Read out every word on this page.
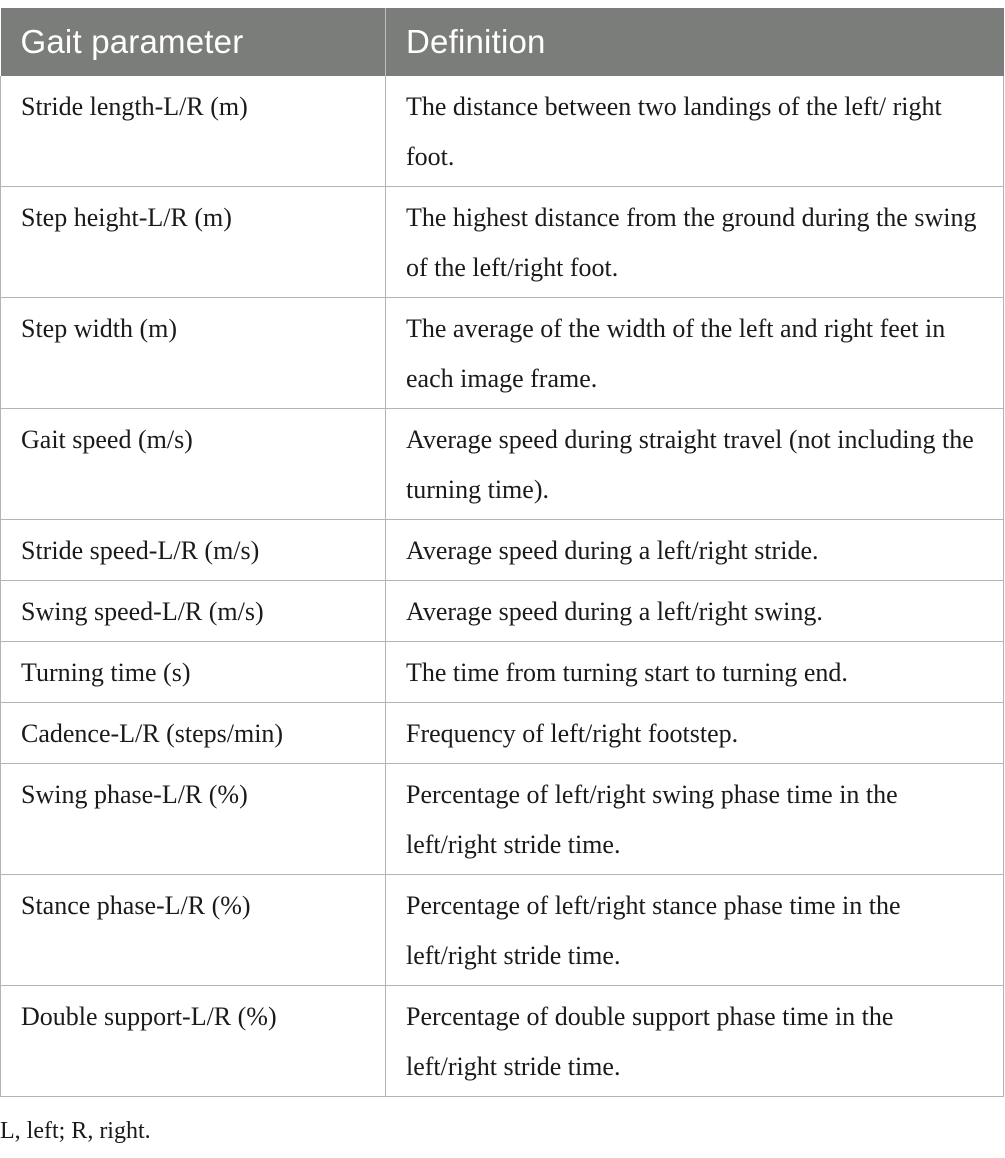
Gait parameter	Definition
Stride length-L/R (m)	The distance between two landings of the left/ right foot.
Step height-L/R (m)	The highest distance from the ground during the swing of the left/right foot.
Step width (m)	The average of the width of the left and right feet in each image frame.
Gait speed (m/s)	Average speed during straight travel (not including the turning time).
Stride speed-L/R (m/s)	Average speed during a left/right stride.
Swing speed-L/R (m/s)	Average speed during a left/right swing.
Turning time (s)	The time from turning start to turning end.
Cadence-L/R (steps/min)	Frequency of left/right footstep.
Swing phase-L/R (%)	Percentage of left/right swing phase time in the left/right stride time.
Stance phase-L/R (%)	Percentage of left/right stance phase time in the left/right stride time.
Double support-L/R (%)	Percentage of double support phase time in the left/right stride time.
L, left; R, right.
